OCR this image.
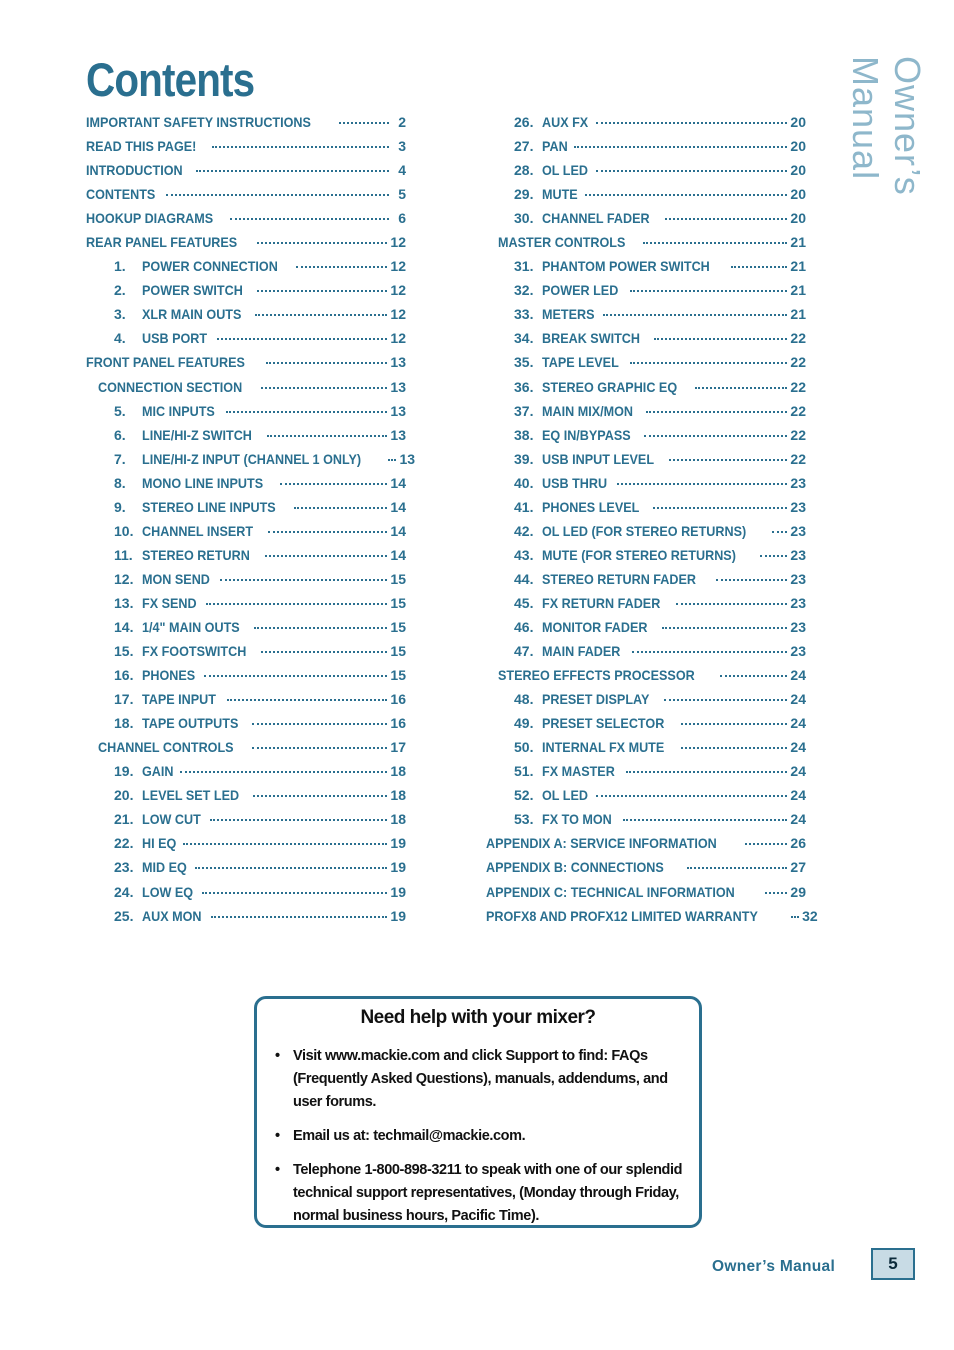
Contents	Owner’s Manual
IMPORTANT SAFETY INSTRUCTIONS	2
READ THIS PAGE!	3
INTRODUCTION	4
CONTENTS	5
HOOKUP DIAGRAMS	6
REAR PANEL FEATURES	12
1.	POWER CONNECTION	12
2.	POWER SWITCH	12
3.	XLR MAIN OUTS	12
4.	USB PORT	12
FRONT PANEL FEATURES	13
CONNECTION SECTION	13
5.	MIC INPUTS	13
6.	LINE/HI-Z SWITCH	13
7.	LINE/HI-Z INPUT (CHANNEL 1 ONLY)	13
8.	MONO LINE INPUTS	14
9.	STEREO LINE INPUTS	14
10. CHANNEL INSERT	14
11. STEREO RETURN	14
12. MON SEND	15
13. FX SEND	15
14. 1/4" MAIN OUTS	15
15. FX FOOTSWITCH	15
16. PHONES	15
17. TAPE INPUT	16
18. TAPE OUTPUTS	16
CHANNEL CONTROLS	17
19. GAIN	18
20. LEVEL SET LED	18
21. LOW CUT	18
22. HI EQ	19
23. MID EQ	19
24. LOW EQ	19
25. AUX MON	19
26. AUX FX	20
27. PAN	20
28. OL LED	20
29. MUTE	20
30. CHANNEL FADER	20
MASTER CONTROLS	21
31. PHANTOM POWER SWITCH	21
32. POWER LED	21
33. METERS	21
34. BREAK SWITCH	22
35. TAPE LEVEL	22
36. STEREO GRAPHIC EQ	22
37. MAIN MIX/MON	22
38. EQ IN/BYPASS	22
39. USB INPUT LEVEL	22
40. USB THRU	23
41. PHONES LEVEL	23
42. OL LED (FOR STEREO RETURNS)	23
43. MUTE (FOR STEREO RETURNS)	23
44. STEREO RETURN FADER	23
45. FX RETURN FADER	23
46. MONITOR FADER	23
47. MAIN FADER	23
STEREO EFFECTS PROCESSOR	24
48. PRESET DISPLAY	24
49. PRESET SELECTOR	24
50. INTERNAL FX MUTE	24
51. FX MASTER	24
52. OL LED	24
53. FX TO MON	24
APPENDIX A: SERVICE INFORMATION	26
APPENDIX B: CONNECTIONS	27
APPENDIX C: TECHNICAL INFORMATION	29
PROFX8 AND PROFX12 LIMITED WARRANTY	32
Need help with your mixer?
• Visit www.mackie.com and click Support to find: FAQs (Frequently Asked Questions), manuals, addendums, and user forums.
• Email us at: techmail@mackie.com.
• Telephone 1-800-898-3211 to speak with one of our splendid technical support representatives, (Monday through Friday, normal business hours, Pacific Time).
Owner’s Manual	5
